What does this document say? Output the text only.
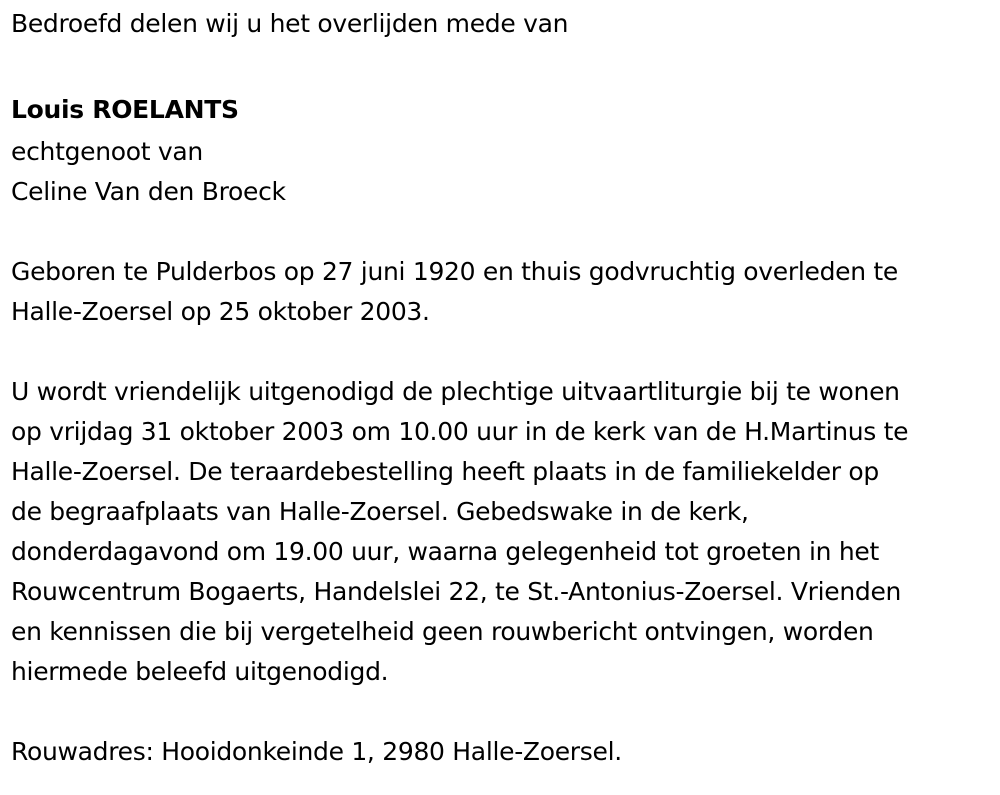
Bedroefd delen wij u het overlijden mede van
Louis ROELANTS
echtgenoot van
Celine Van den Broeck
Geboren te Pulderbos op 27 juni 1920 en thuis godvruchtig overleden te
Halle-Zoersel op 25 oktober 2003.
U wordt vriendelijk uitgenodigd de plechtige uitvaartliturgie bij te wonen
op vrijdag 31 oktober 2003 om 10.00 uur in de kerk van de H.Martinus te
Halle-Zoersel. De teraardebestelling heeft plaats in de familiekelder op
de begraafplaats van Halle-Zoersel. Gebedswake in de kerk,
donderdagavond om 19.00 uur, waarna gelegenheid tot groeten in het
Rouwcentrum Bogaerts, Handelslei 22, te St.-Antonius-Zoersel. Vrienden
en kennissen die bij vergetelheid geen rouwbericht ontvingen, worden
hiermede beleefd uitgenodigd.
Rouwadres: Hooidonkeinde 1, 2980 Halle-Zoersel.
